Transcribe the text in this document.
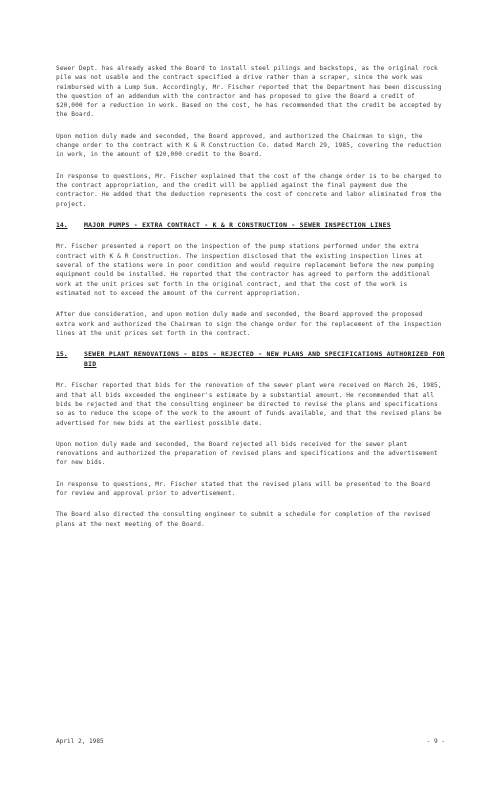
Sewer Dept. has already asked the Board to install steel pilings and backstops, as the original rock pile was not usable and the contract specified a drive rather than a scraper, since the work was reimbursed with a Lump Sum. Accordingly, Mr. Fischer reported that the Department has been discussing the question of an addendum with the contractor and has proposed to give the Board a credit of $20,000 for a reduction in work. Based on the cost, he has recommended that the credit be accepted by the Board.

Upon motion duly made and seconded, the Board approved, and authorized the Chairman to sign, the change order to the contract with K & R Construction Co. dated March 29, 1985, covering the reduction in work, in the amount of $20,000 credit to the Board.

In response to questions, Mr. Fischer explained that the cost of the change order is to be charged to the contract appropriation, and the credit will be applied against the final payment due the contractor. He added that the deduction represents the cost of concrete and labor eliminated from the project.

14.	MAJOR PUMPS - EXTRA CONTRACT - K & R CONSTRUCTION - SEWER INSPECTION LINES

Mr. Fischer presented a report on the inspection of the pump stations performed under the extra contract with K & R Construction. The inspection disclosed that the existing inspection lines at several of the stations were in poor condition and would require replacement before the new pumping equipment could be installed. He reported that the contractor has agreed to perform the additional work at the unit prices set forth in the original contract, and that the cost of the work is estimated not to exceed the amount of the current appropriation.

After due consideration, and upon motion duly made and seconded, the Board approved the proposed extra work and authorized the Chairman to sign the change order for the replacement of the inspection lines at the unit prices set forth in the contract.

15.	SEWER PLANT RENOVATIONS - BIDS - REJECTED - NEW PLANS AND SPECIFICATIONS AUTHORIZED FOR BID

Mr. Fischer reported that bids for the renovation of the sewer plant were received on March 26, 1985, and that all bids exceeded the engineer's estimate by a substantial amount. He recommended that all bids be rejected and that the consulting engineer be directed to revise the plans and specifications so as to reduce the scope of the work to the amount of funds available, and that the revised plans be advertised for new bids at the earliest possible date.

Upon motion duly made and seconded, the Board rejected all bids received for the sewer plant renovations and authorized the preparation of revised plans and specifications and the advertisement for new bids.

In response to questions, Mr. Fischer stated that the revised plans will be presented to the Board for review and approval prior to advertisement.

The Board also directed the consulting engineer to submit a schedule for completion of the revised plans at the next meeting of the Board.

April 2, 1985	- 9 -
